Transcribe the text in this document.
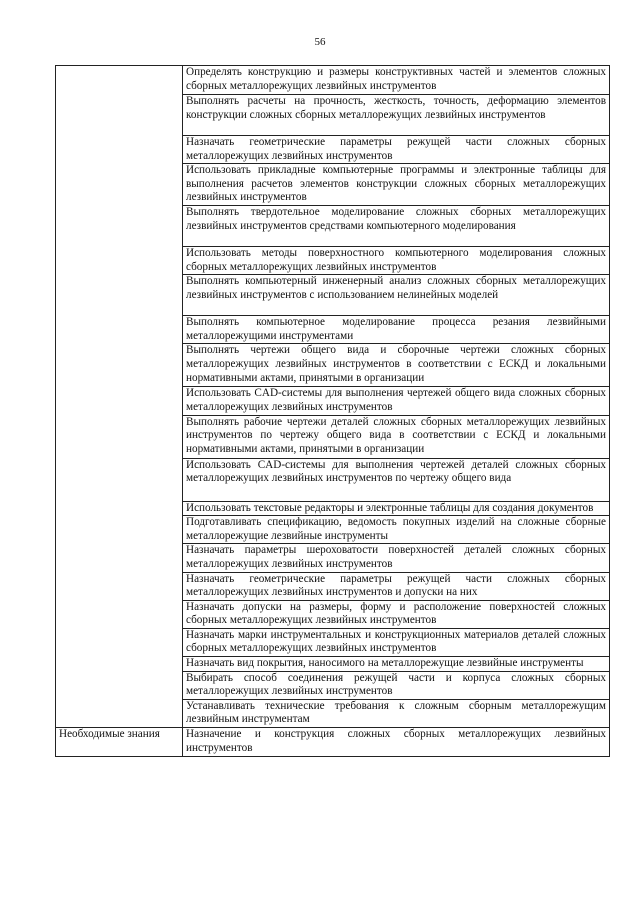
56
	Определять конструкцию и размеры конструктивных частей и элементов сложных сборных металлорежущих лезвийных инструментов
	Выполнять расчеты на прочность, жесткость, точность, деформацию элементов конструкции сложных сборных металлорежущих лезвийных инструментов
	Назначать геометрические параметры режущей части сложных сборных металлорежущих лезвийных инструментов
	Использовать прикладные компьютерные программы и электронные таблицы для выполнения расчетов элементов конструкции сложных сборных металлорежущих лезвийных инструментов
	Выполнять твердотельное моделирование сложных сборных металлорежущих лезвийных инструментов средствами компьютерного моделирования
	Использовать методы поверхностного компьютерного моделирования сложных сборных металлорежущих лезвийных инструментов
	Выполнять компьютерный инженерный анализ сложных сборных металлорежущих лезвийных инструментов с использованием нелинейных моделей
	Выполнять компьютерное моделирование процесса резания лезвийными металлорежущими инструментами
	Выполнять чертежи общего вида и сборочные чертежи сложных сборных металлорежущих лезвийных инструментов в соответствии с ЕСКД и локальными нормативными актами, принятыми в организации
	Использовать CAD-системы для выполнения чертежей общего вида сложных сборных металлорежущих лезвийных инструментов
	Выполнять рабочие чертежи деталей сложных сборных металлорежущих лезвийных инструментов по чертежу общего вида в соответствии с ЕСКД и локальными нормативными актами, принятыми в организации
	Использовать CAD-системы для выполнения чертежей деталей сложных сборных металлорежущих лезвийных инструментов по чертежу общего вида
	Использовать текстовые редакторы и электронные таблицы для создания документов
	Подготавливать спецификацию, ведомость покупных изделий на сложные сборные металлорежущие лезвийные инструменты
	Назначать параметры шероховатости поверхностей деталей сложных сборных металлорежущих лезвийных инструментов
	Назначать геометрические параметры режущей части сложных сборных металлорежущих лезвийных инструментов и допуски на них
	Назначать допуски на размеры, форму и расположение поверхностей сложных сборных металлорежущих лезвийных инструментов
	Назначать марки инструментальных и конструкционных материалов деталей сложных сборных металлорежущих лезвийных инструментов
	Назначать вид покрытия, наносимого на металлорежущие лезвийные инструменты
	Выбирать способ соединения режущей части и корпуса сложных сборных металлорежущих лезвийных инструментов
	Устанавливать технические требования к сложным сборным металлорежущим лезвийным инструментам
Необходимые знания	Назначение и конструкция сложных сборных металлорежущих лезвийных инструментов
